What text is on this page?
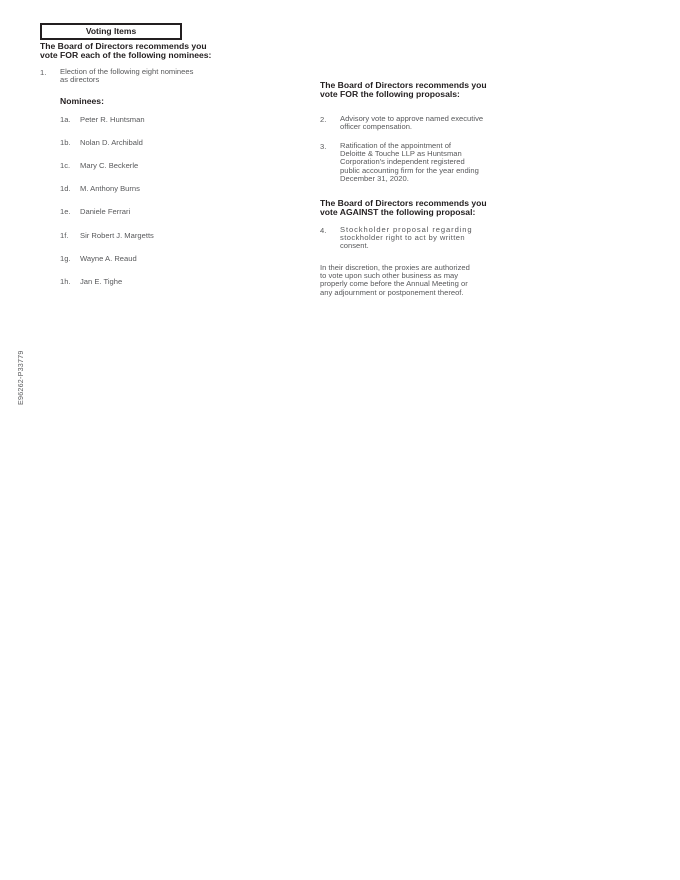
Voting Items
The Board of Directors recommends you
vote FOR each of the following nominees:
1. Election of the following eight nominees
as directors
Nominees:
1a. Peter R. Huntsman
1b. Nolan D. Archibald
1c. Mary C. Beckerle
1d. M. Anthony Burns
1e. Daniele Ferrari
1f. Sir Robert J. Margetts
1g. Wayne A. Reaud
1h. Jan E. Tighe
The Board of Directors recommends you
vote FOR the following proposals:
2. Advisory vote to approve named executive
officer compensation.
3. Ratification of the appointment of
Deloitte & Touche LLP as Huntsman
Corporation's independent registered
public accounting firm for the year ending
December 31, 2020.
The Board of Directors recommends you
vote AGAINST the following proposal:
4. Stockholder proposal regarding
stockholder right to act by written
consent.
In their discretion, the proxies are authorized
to vote upon such other business as may
properly come before the Annual Meeting or
any adjournment or postponement thereof.
E96262-P33779
